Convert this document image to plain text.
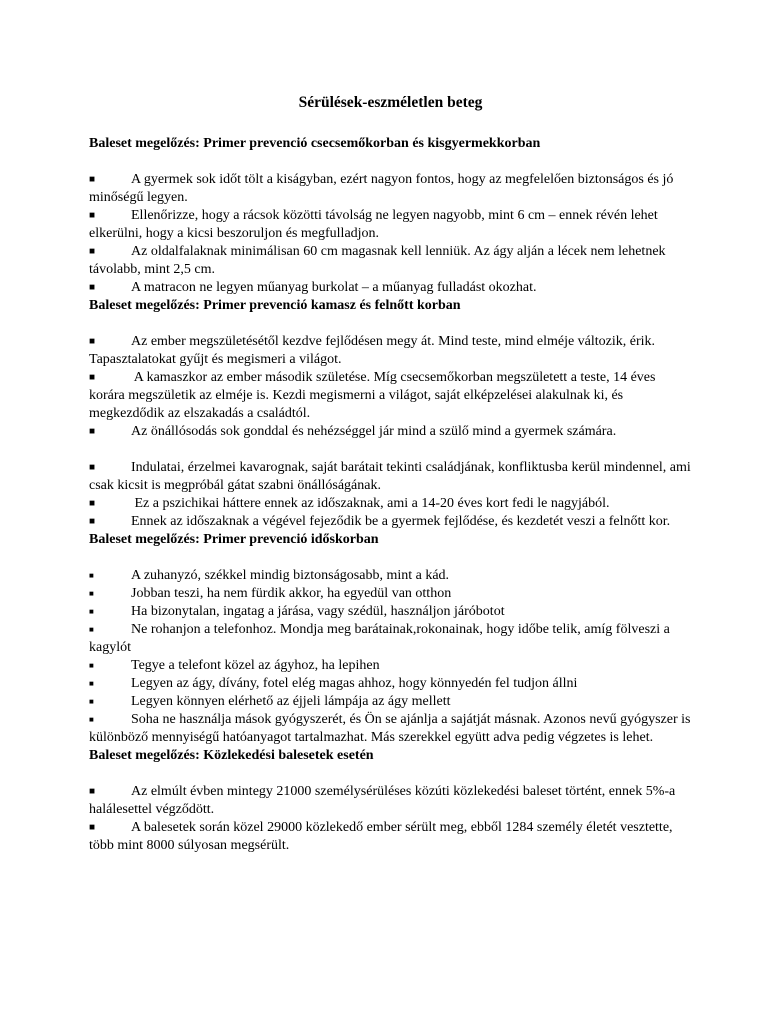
Sérülések-eszméletlen beteg

Baleset megelőzés: Primer prevenció csecsemőkorban és kisgyermekkorban

■	A gyermek sok időt tölt a kiságyban, ezért nagyon fontos, hogy az megfelelően biztonságos és jó minőségű legyen.

■	Ellenőrizze, hogy a rácsok közötti távolság ne legyen nagyobb, mint 6 cm – ennek révén lehet elkerülni, hogy a kicsi beszoruljon és megfulladjon.

■	Az oldalfalaknak minimálisan 60 cm magasnak kell lenniük. Az ágy alján a lécek nem lehetnek távolabb, mint 2,5 cm.

■	A matracon ne legyen műanyag burkolat – a műanyag fulladást okozhat.

Baleset megelőzés: Primer prevenció kamasz és felnőtt korban

■	Az ember megszületésétől kezdve fejlődésen megy át. Mind teste, mind elméje változik, érik. Tapasztalatokat gyűjt és megismeri a világot.

■	A kamaszkor az ember második születése. Míg csecsemőkorban megszületett a teste, 14 éves korára megszületik az elméje is. Kezdi megismerni a világot, saját elképzelései alakulnak ki, és megkezdődik az elszakadás a családtól.

■	Az önállósodás sok gonddal és nehézséggel jár mind a szülő mind a gyermek számára.

■	Indulatai, érzelmei kavarognak, saját barátait tekinti családjának, konfliktusba kerül mindennel, ami csak kicsit is megpróbál gátat szabni önállóságának.

■	Ez a pszichikai háttere ennek az időszaknak, ami a 14-20 éves kort fedi le nagyjából.

■	Ennek az időszaknak a végével fejeződik be a gyermek fejlődése, és kezdetét veszi a felnőtt kor.

Baleset megelőzés: Primer prevenció időskorban

■	A zuhanyzó, székkel mindig biztonságosabb, mint a kád.

■	Jobban teszi, ha nem fürdik akkor, ha egyedül van otthon

■	Ha bizonytalan, ingatag a járása, vagy szédül, használjon járóbotot

■	Ne rohanjon a telefonhoz. Mondja meg barátainak,rokonainak, hogy időbe telik, amíg fölveszi a kagylót

■	Tegye a telefont közel az ágyhoz, ha lepihen

■	Legyen az ágy, dívány, fotel elég magas ahhoz, hogy könnyedén fel tudjon állni

■	Legyen könnyen elérhető az éjjeli lámpája az ágy mellett

■	Soha ne használja mások gyógyszerét, és Ön se ajánlja a sajátját másnak. Azonos nevű gyógyszer is különböző mennyiségű hatóanyagot tartalmazhat. Más szerekkel együtt adva pedig végzetes is lehet.

Baleset megelőzés: Közlekedési balesetek esetén

■	Az elmúlt évben mintegy 21000 személysérüléses közúti közlekedési baleset történt, ennek 5%-a halálesettel végződött.

■	A balesetek során közel 29000 közlekedő ember sérült meg, ebből 1284 személy életét vesztette, több mint 8000 súlyosan megsérült.
